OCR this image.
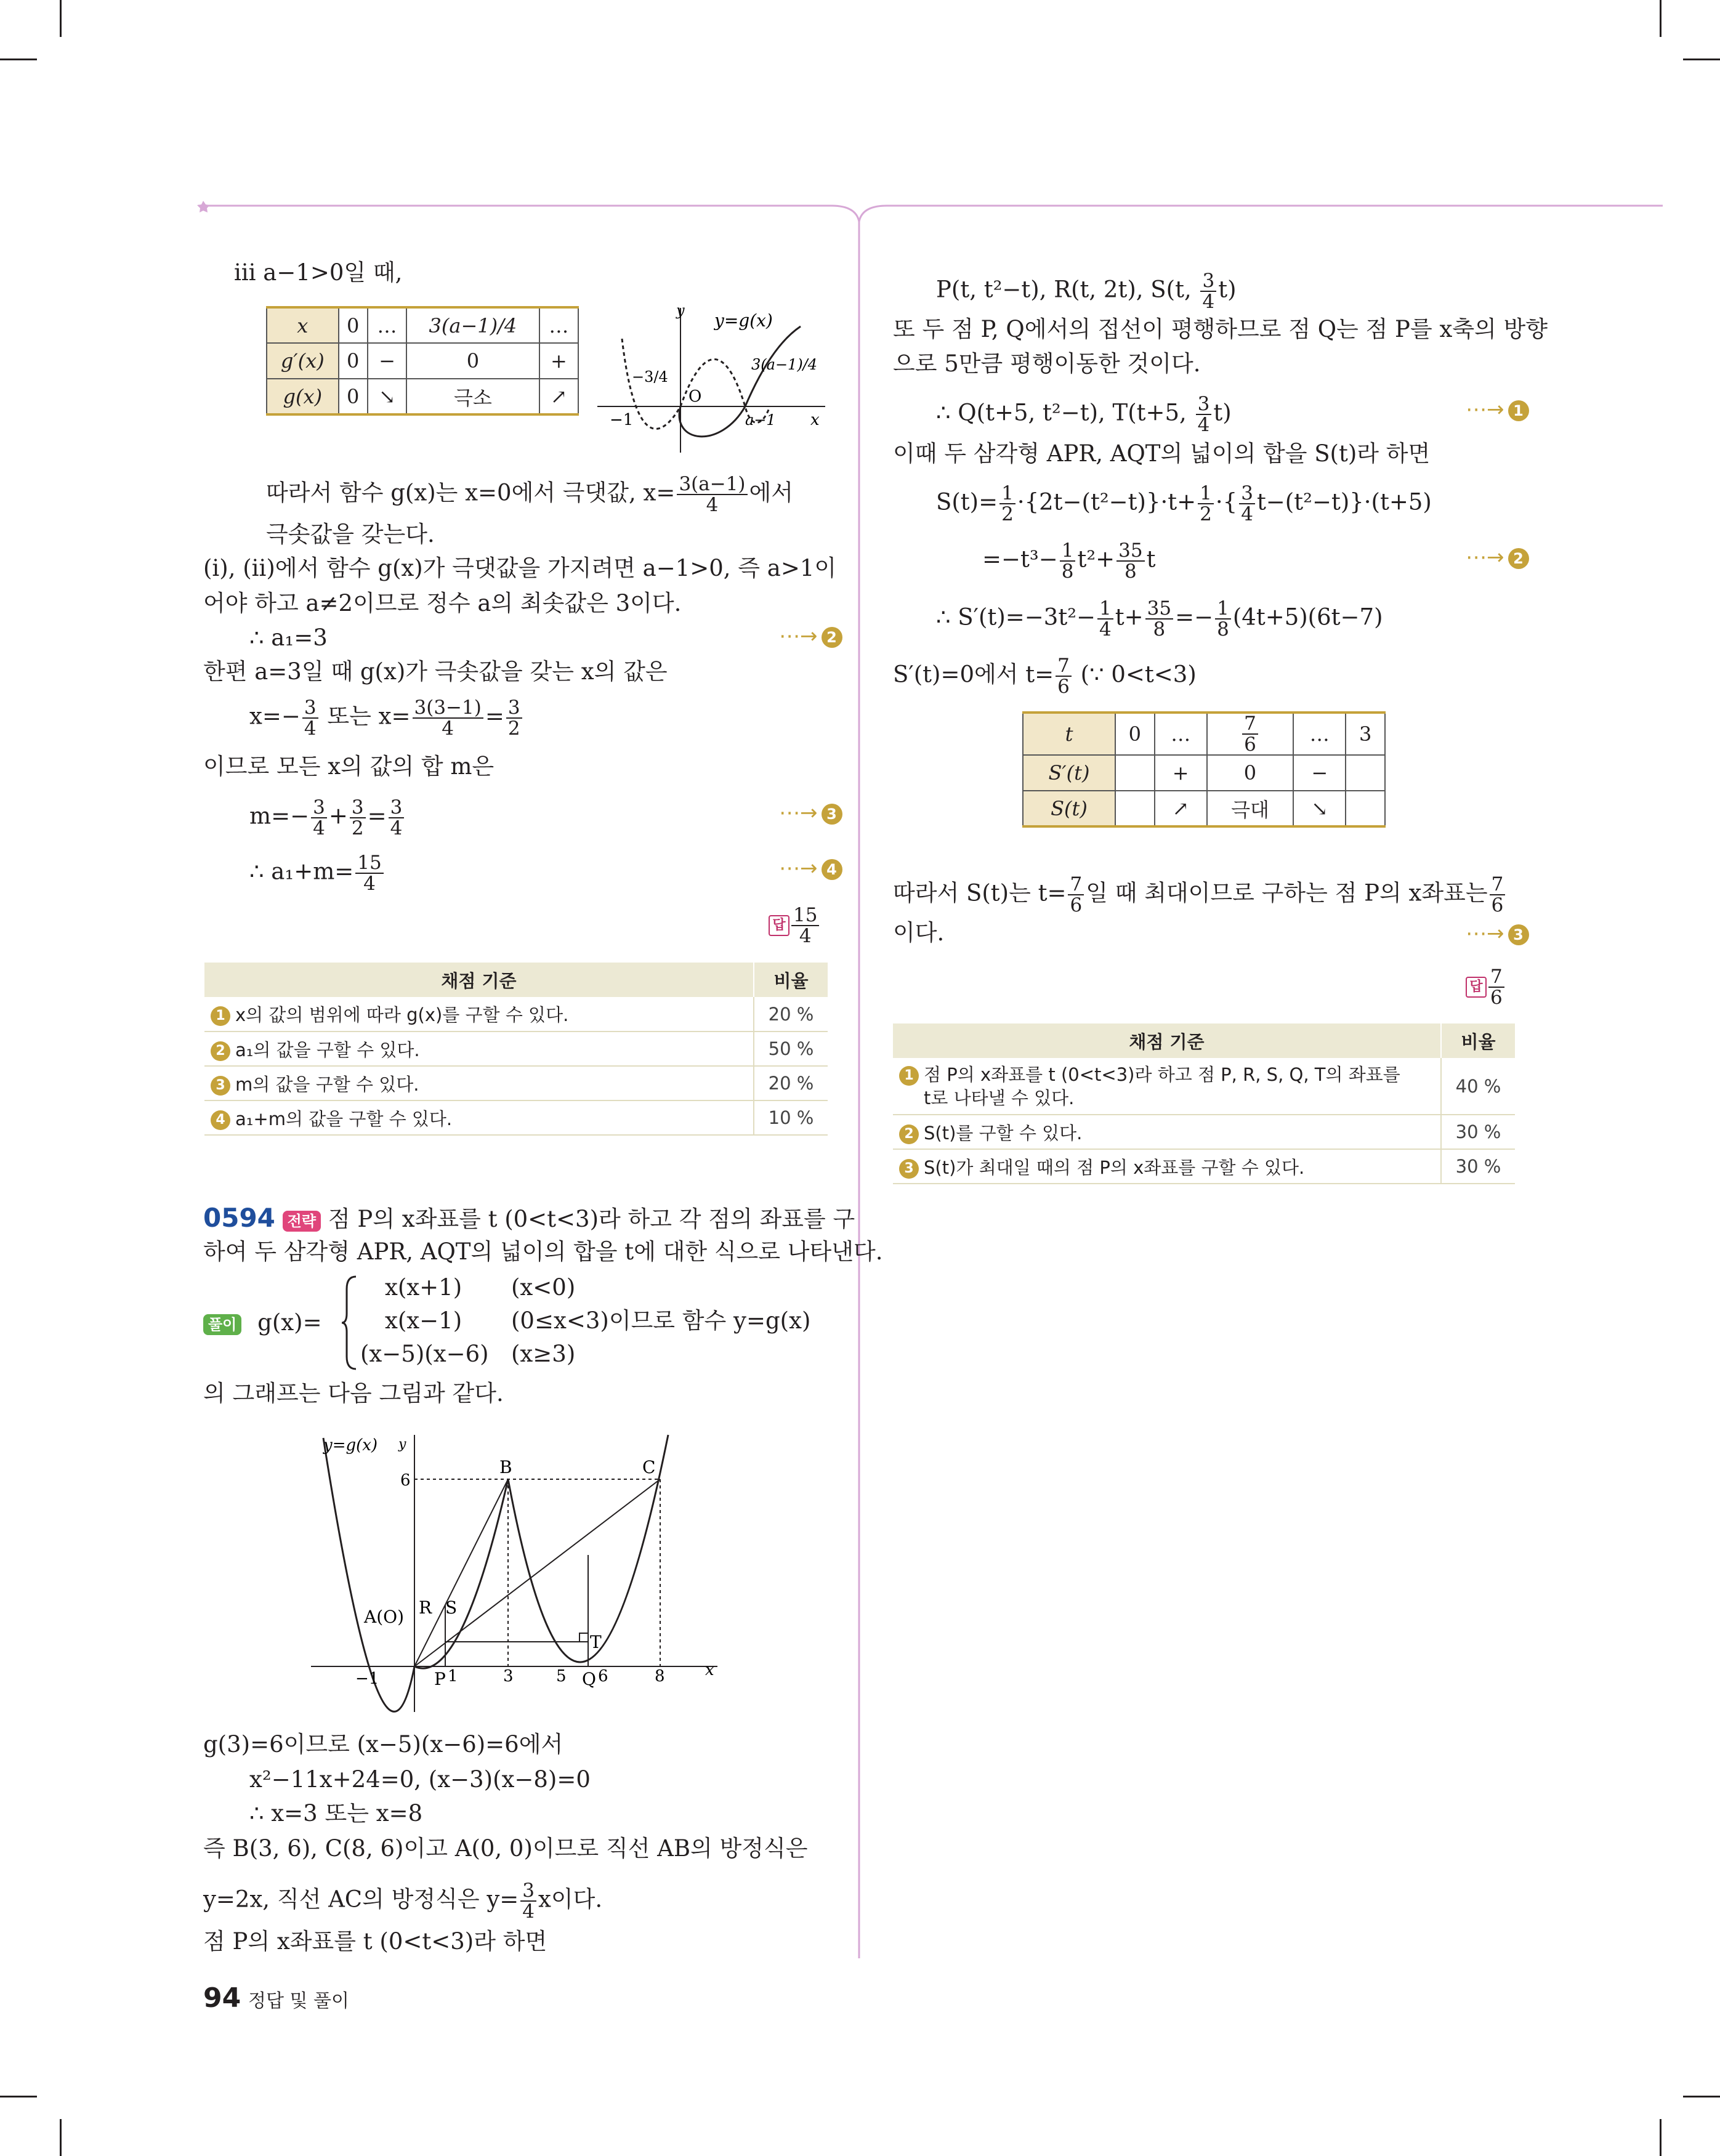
ⅲ a−1>0일 때,
x	0	…	3(a−1)/4	…
g′(x)	0	−	0	+
g(x)	0	↘	극소	↗
y y=g(x)
O
−1
−3/4
3(a−1)/4
a−1 x
따라서 함수 g(x)는 x=0에서 극댓값, $x= \frac{3(a-1)}{4}$ 에서
극솟값을 갖는다.
(ⅰ), (ⅱ)에서 함수 g(x)가 극댓값을 가지려면 a−1>0, 즉 a>1이
어야 하고 a≠2이므로 정수 a의 최솟값은 3이다.
∴ a₁=3	⋯→ 2
한편 a=3일 때 g(x)가 극솟값을 갖는 x의 값은
$x=- \frac{3}{4}$ 또는 $x= \frac{3(3-1)}{4} = \frac{3}{2}$
이므로 모든 x의 값의 합 m은
$m=- \frac{3}{4} + \frac{3}{2} = \frac{3}{4}$	⋯→ 3
∴ $a_1+m= \frac{15}{4}$	⋯→ 4
답 $\frac{15}{4}$
채점 기준	비율
1 x의 값의 범위에 따라 g(x)를 구할 수 있다.	20 %
2 a₁의 값을 구할 수 있다.	50 %
3 m의 값을 구할 수 있다.	20 %
4 a₁+m의 값을 구할 수 있다.	10 %
0594 전략 점 P의 x좌표를 t (0<t<3)라 하고 각 점의 좌표를 구
하여 두 삼각형 APR, AQT의 넓이의 합을 t에 대한 식으로 나타낸다.
풀이 g(x)=
x(x+1) (x<0)
x(x−1) (0≤x<3)이므로 함수 y=g(x)
(x−5)(x−6) (x≥3)
의 그래프는 다음 그림과 같다.
y=g(x) y
x
B	C
A(O) R S
T
P	Q
6
−1	1	3	5 6	8
g(3)=6이므로 (x−5)(x−6)=6에서
x²−11x+24=0, (x−3)(x−8)=0
∴ x=3 또는 x=8
즉 B(3, 6), C(8, 6)이고 A(0, 0)이므로 직선 AB의 방정식은
y=2x, 직선 AC의 방정식은 $y= \frac{3}{4}$ x이다.
점 P의 x좌표를 t (0<t<3)라 하면
94 정답 및 풀이
P(t, t²−t), R(t, 2t), S(t, $\frac{3}{4} t$)
또 두 점 P, Q에서의 접선이 평행하므로 점 Q는 점 P를 x축의 방향
으로 5만큼 평행이동한 것이다.
∴ Q(t+5, t²−t), T(t+5, $\frac{3}{4} t$)	⋯→ 1
이때 두 삼각형 APR, AQT의 넓이의 합을 S(t)라 하면
$S(t)= \frac{1}{2} \cdot\{2t-(t^2-t)\}\cdot t+ \frac{1}{2}$ ·{ $\frac{3}{4} t-(t^2-t)\}\cdot(t+5)$
$=-t^3- \frac{1}{8} t^2+ \frac{35}{8}$ t	⋯→ 2
∴ $S'(t)=-3t^2- \frac{1}{4} t+ \frac{35}{8} =- \frac{1}{8} (4t+5)(6t-7)$
S′(t)=0에서 $t= \frac{7}{6}$ (∵ 0<t<3)
t	0	…	$\frac{7}{6}$	…	3
S′(t)		+	0	−	
S(t)		↗	극대	↘	
따라서 S(t)는 $t= \frac{7}{6}$ 일 때 최대이므로 구하는 점 P의 x좌표는 $\frac{7}{6}$
이다.	⋯→ 3
답 $\frac{7}{6}$
채점 기준	비율
1 점 P의 x좌표를 t (0<t<3)라 하고 점 P, R, S, Q, T의 좌표를
t로 나타낼 수 있다.	40 %
2 S(t)를 구할 수 있다.	30 %
3 S(t)가 최대일 때의 점 P의 x좌표를 구할 수 있다.	30 %
